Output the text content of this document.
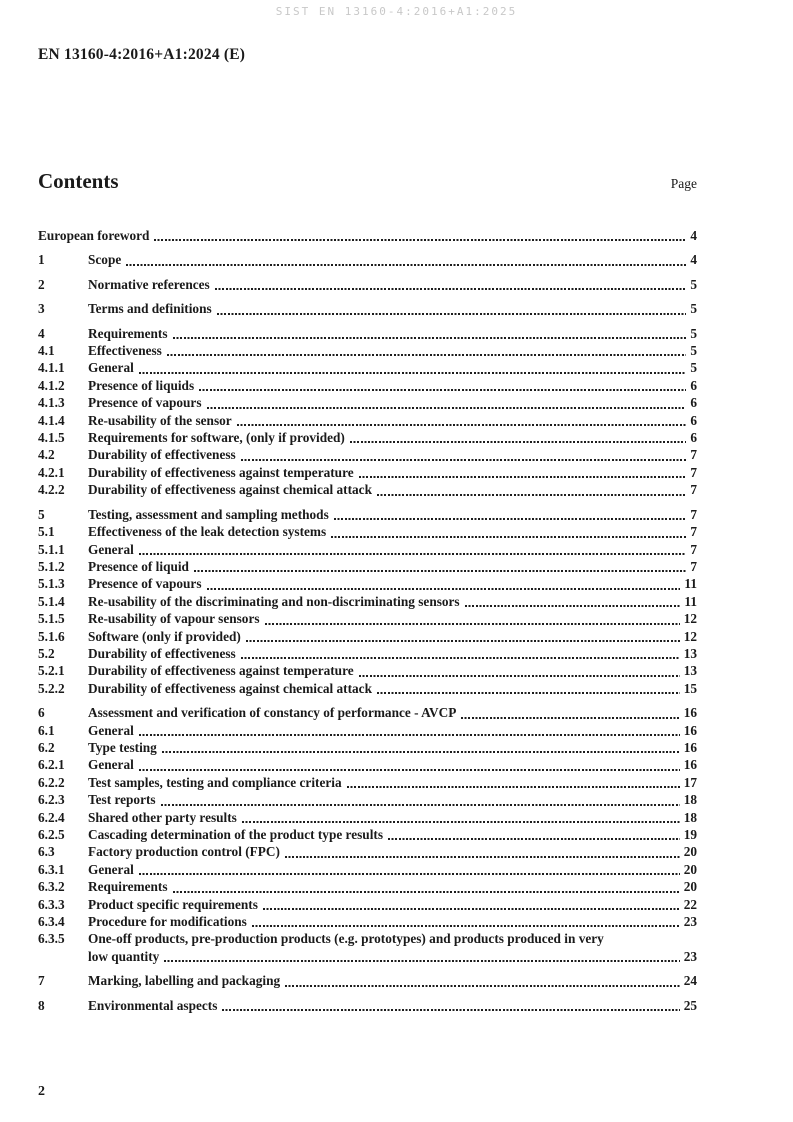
SIST EN 13160-4:2016+A1:2025
EN 13160-4:2016+A1:2024 (E)
Contents	Page
European foreword	4
1	Scope	4
2	Normative references	5
3	Terms and definitions	5
4	Requirements	5
4.1	Effectiveness	5
4.1.1	General	5
4.1.2	Presence of liquids	6
4.1.3	Presence of vapours	6
4.1.4	Re-usability of the sensor	6
4.1.5	Requirements for software, (only if provided)	6
4.2	Durability of effectiveness	7
4.2.1	Durability of effectiveness against temperature	7
4.2.2	Durability of effectiveness against chemical attack	7
5	Testing, assessment and sampling methods	7
5.1	Effectiveness of the leak detection systems	7
5.1.1	General	7
5.1.2	Presence of liquid	7
5.1.3	Presence of vapours	11
5.1.4	Re-usability of the discriminating and non-discriminating sensors	11
5.1.5	Re-usability of vapour sensors	12
5.1.6	Software (only if provided)	12
5.2	Durability of effectiveness	13
5.2.1	Durability of effectiveness against temperature	13
5.2.2	Durability of effectiveness against chemical attack	15
6	Assessment and verification of constancy of performance - AVCP	16
6.1	General	16
6.2	Type testing	16
6.2.1	General	16
6.2.2	Test samples, testing and compliance criteria	17
6.2.3	Test reports	18
6.2.4	Shared other party results	18
6.2.5	Cascading determination of the product type results	19
6.3	Factory production control (FPC)	20
6.3.1	General	20
6.3.2	Requirements	20
6.3.3	Product specific requirements	22
6.3.4	Procedure for modifications	23
6.3.5	One-off products, pre-production products (e.g. prototypes) and products produced in very
low quantity	23
7	Marking, labelling and packaging	24
8	Environmental aspects	25
2
